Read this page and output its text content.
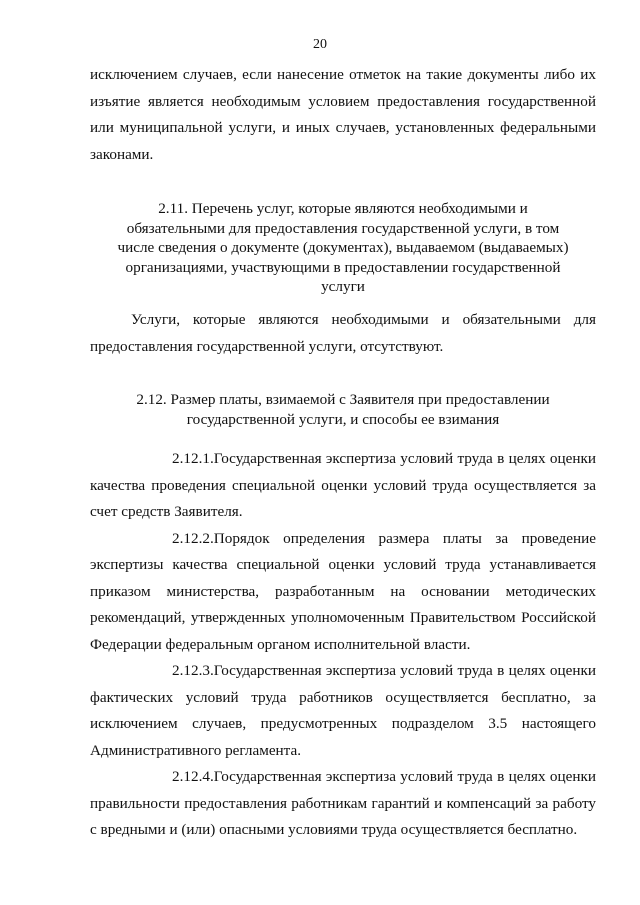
20

исключением случаев, если нанесение отметок на такие документы либо их изъятие является необходимым условием предоставления государственной или муниципальной услуги, и иных случаев, установленных федеральными законами.

2.11. Перечень услуг, которые являются необходимыми и обязательными для предоставления государственной услуги, в том числе сведения о документе (документах), выдаваемом (выдаваемых) организациями, участвующими в предоставлении государственной услуги

Услуги, которые являются необходимыми и обязательными для предоставления государственной услуги, отсутствуют.

2.12. Размер платы, взимаемой с Заявителя при предоставлении государственной услуги, и способы ее взимания

2.12.1.Государственная экспертиза условий труда в целях оценки качества проведения специальной оценки условий труда осуществляется за счет средств Заявителя.

2.12.2.Порядок определения размера платы за проведение экспертизы качества специальной оценки условий труда устанавливается приказом министерства, разработанным на основании методических рекомендаций, утвержденных уполномоченным Правительством Российской Федерации федеральным органом исполнительной власти.

2.12.3.Государственная экспертиза условий труда в целях оценки фактических условий труда работников осуществляется бесплатно, за исключением случаев, предусмотренных подразделом 3.5 настоящего Административного регламента.

2.12.4.Государственная экспертиза условий труда в целях оценки правильности предоставления работникам гарантий и компенсаций за работу с вредными и (или) опасными условиями труда осуществляется бесплатно.
